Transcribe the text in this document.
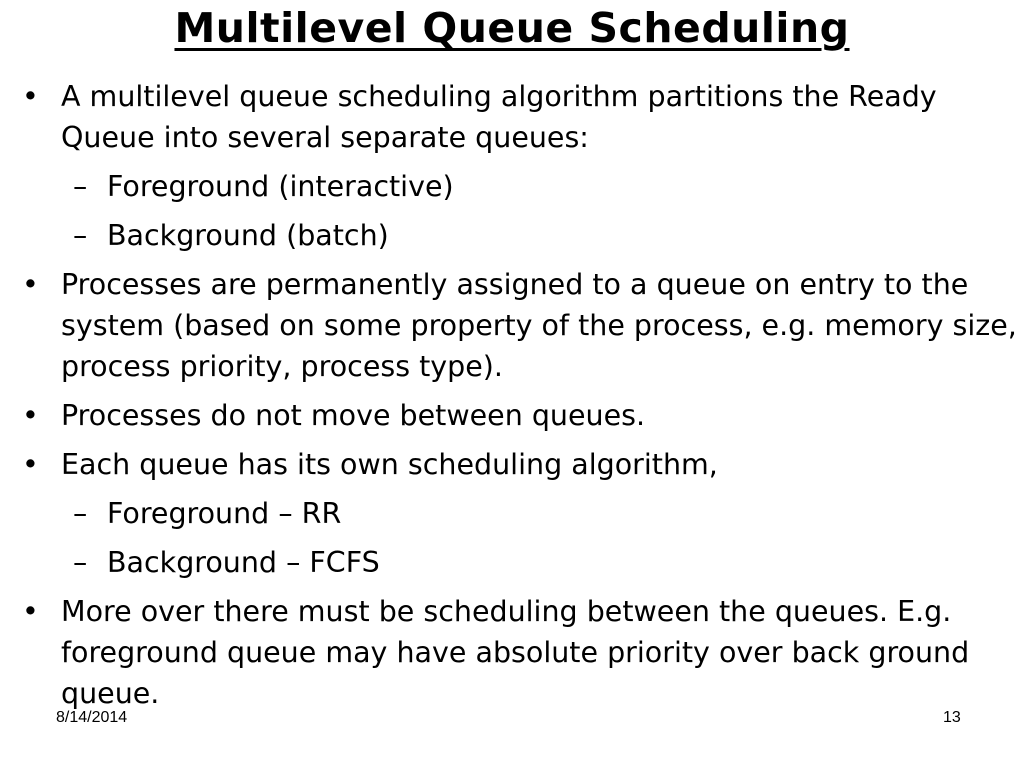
Multilevel Queue Scheduling
• A multilevel queue scheduling algorithm partitions the Ready Queue into several separate queues:
– Foreground (interactive)
– Background (batch)
• Processes are permanently assigned to a queue on entry to the system (based on some property of the process, e.g. memory size, process priority, process type).
• Processes do not move between queues.
• Each queue has its own scheduling algorithm,
– Foreground – RR
– Background – FCFS
• More over there must be scheduling between the queues. E.g. foreground queue may have absolute priority over back ground queue.
8/14/2014	13
